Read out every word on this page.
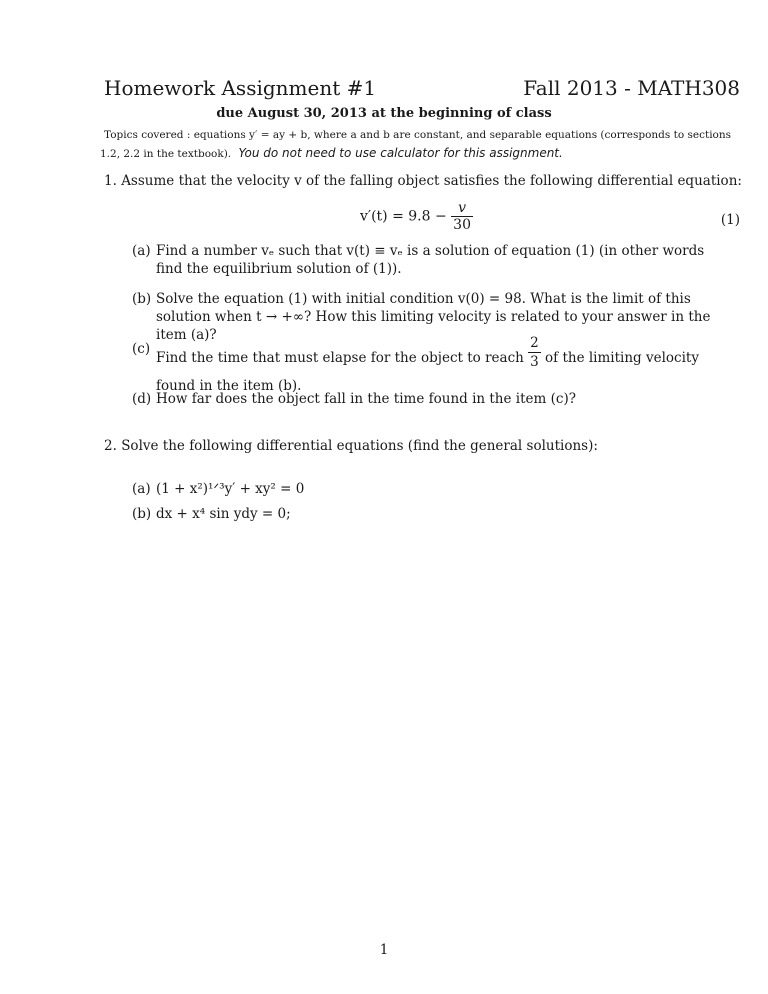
Homework Assignment #1	Fall 2013 - MATH308
due August 30, 2013 at the beginning of class
Topics covered : equations y′ = ay + b, where a and b are constant, and separable equations (corresponds to sections
1.2, 2.2 in the textbook). You do not need to use calculator for this assignment.
1. Assume that the velocity v of the falling object satisfies the following differential equation:
$v'(t) = 9.8 - \frac{v}{30}$	(1)
(a) Find a number vₑ such that v(t) ≡ vₑ is a solution of equation (1) (in other words find the equilibrium solution of (1)).
(b) Solve the equation (1) with initial condition v(0) = 98. What is the limit of this solution when t → +∞? How this limiting velocity is related to your answer in the item (a)?
(c)
Find the time that must elapse for the object to reach $\frac{2}{3}$ of the limiting velocity found in the item (b).
(d) How far does the object fall in the time found in the item (c)?
2. Solve the following differential equations (find the general solutions):
(a) (1 + x²)¹ᐟ³y′ + xy² = 0
(b) dx + x⁴ sin ydy = 0;
1
